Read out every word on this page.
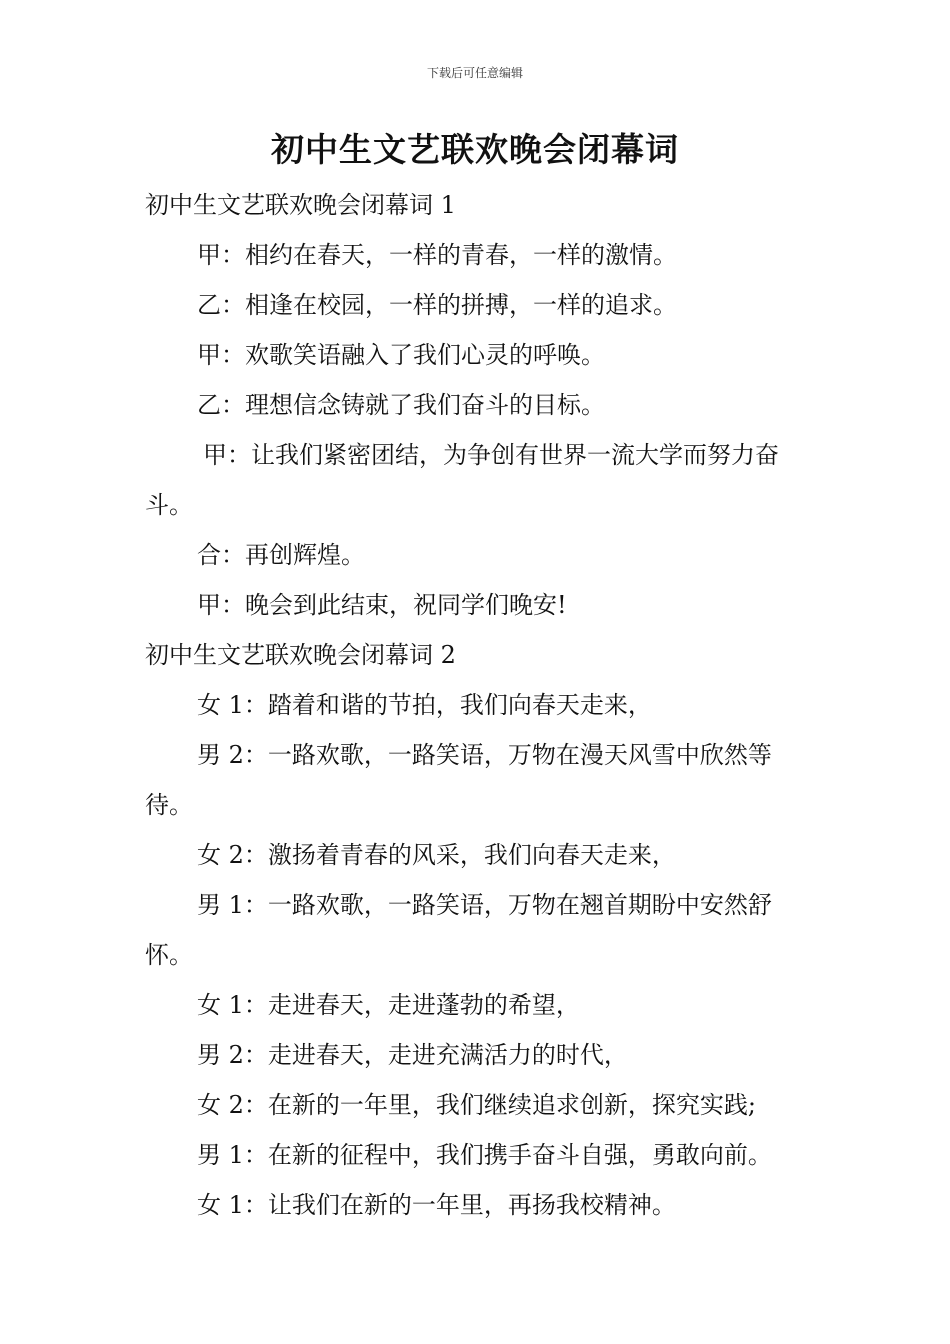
下载后可任意编辑
初中生文艺联欢晚会闭幕词

初中生文艺联欢晚会闭幕词 1

甲：相约在春天，一样的青春，一样的激情。

乙：相逢在校园，一样的拼搏，一样的追求。

甲：欢歌笑语融入了我们心灵的呼唤。

乙：理想信念铸就了我们奋斗的目标。

甲：让我们紧密团结，为争创有世界一流大学而努力奋斗。

合：再创辉煌。

甲：晚会到此结束，祝同学们晚安!

初中生文艺联欢晚会闭幕词 2

女 1：踏着和谐的节拍，我们向春天走来，

男 2：一路欢歌，一路笑语，万物在漫天风雪中欣然等待。

女 2：激扬着青春的风采，我们向春天走来，

男 1：一路欢歌，一路笑语，万物在翘首期盼中安然舒怀。

女 1：走进春天，走进蓬勃的希望，

男 2：走进春天，走进充满活力的时代，

女 2：在新的一年里，我们继续追求创新，探究实践;

男 1：在新的征程中，我们携手奋斗自强，勇敢向前。

女 1：让我们在新的一年里，再扬我校精神。
